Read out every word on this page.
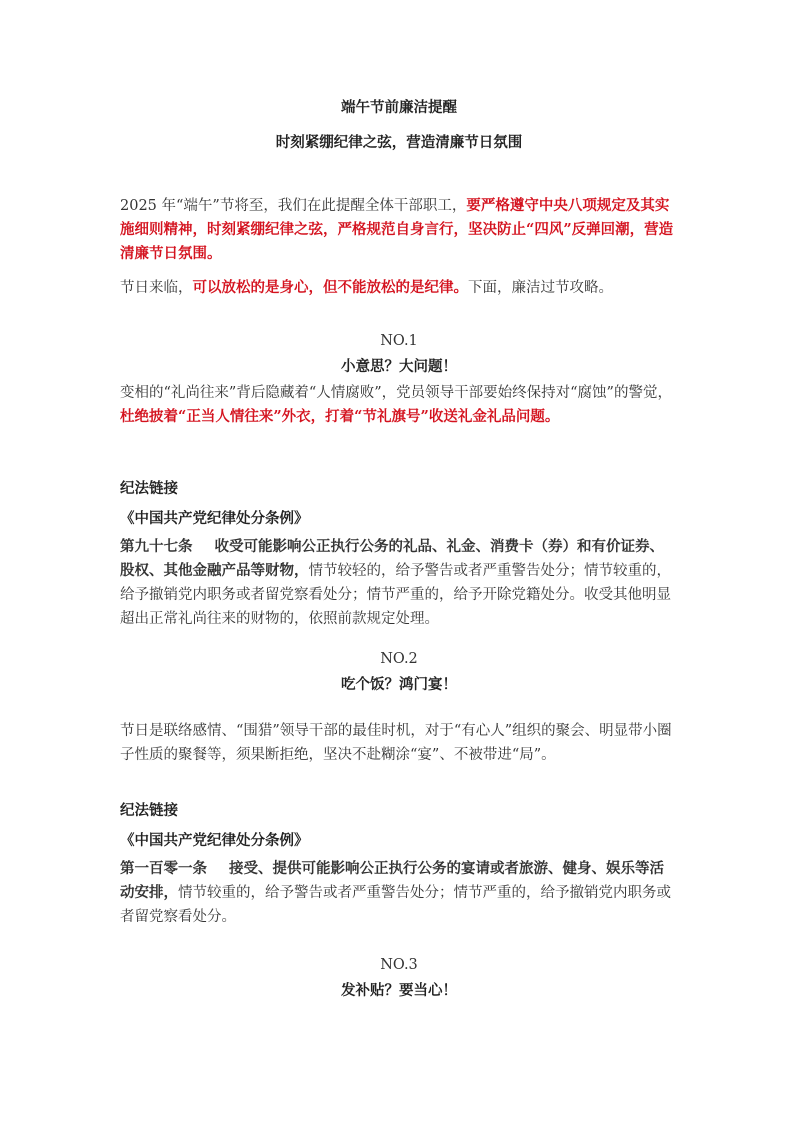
端午节前廉洁提醒
时刻紧绷纪律之弦，营造清廉节日氛围
2025 年“端午”节将至，我们在此提醒全体干部职工，要严格遵守中央八项规定及其实施细则精神，时刻紧绷纪律之弦，严格规范自身言行，坚决防止“四风”反弹回潮，营造清廉节日氛围。
节日来临，可以放松的是身心，但不能放松的是纪律。下面，廉洁过节攻略。
NO.1
小意思？大问题！
变相的“礼尚往来”背后隐藏着“人情腐败”，党员领导干部要始终保持对“腐蚀”的警觉，杜绝披着“正当人情往来”外衣，打着“节礼旗号”收送礼金礼品问题。
纪法链接
《中国共产党纪律处分条例》
第九十七条 收受可能影响公正执行公务的礼品、礼金、消费卡（券）和有价证券、股权、其他金融产品等财物，情节较轻的，给予警告或者严重警告处分；情节较重的，给予撤销党内职务或者留党察看处分；情节严重的，给予开除党籍处分。收受其他明显超出正常礼尚往来的财物的，依照前款规定处理。
NO.2
吃个饭？鸿门宴！
节日是联络感情、“围猎”领导干部的最佳时机，对于“有心人”组织的聚会、明显带小圈子性质的聚餐等，须果断拒绝，坚决不赴糊涂“宴”、不被带进“局”。
纪法链接
《中国共产党纪律处分条例》
第一百零一条 接受、提供可能影响公正执行公务的宴请或者旅游、健身、娱乐等活动安排，情节较重的，给予警告或者严重警告处分；情节严重的，给予撤销党内职务或者留党察看处分。
NO.3
发补贴？要当心！
